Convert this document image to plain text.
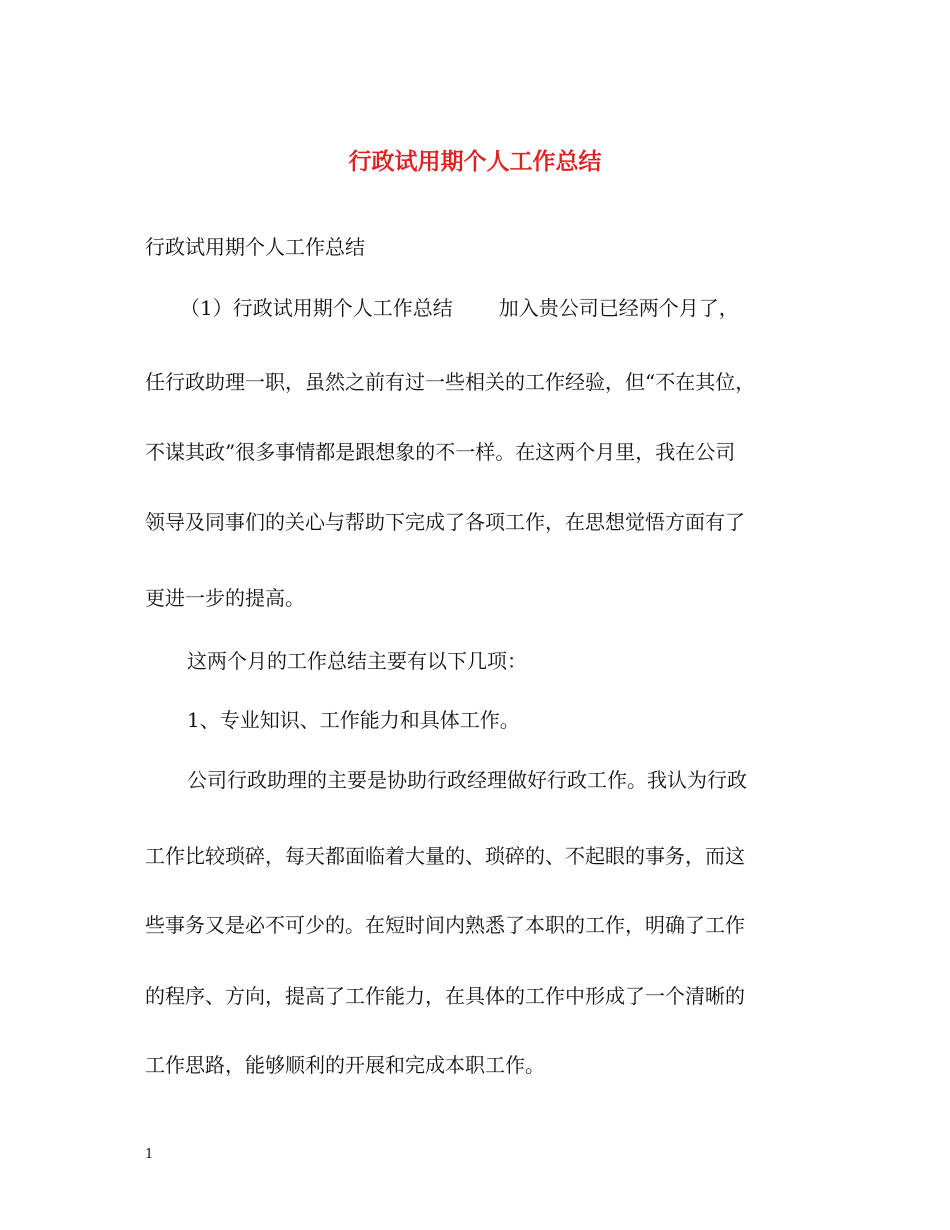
行政试用期个人工作总结
行政试用期个人工作总结
（1）行政试用期个人工作总结 加入贵公司已经两个月了，
任行政助理一职，虽然之前有过一些相关的工作经验，但“不在其位，
不谋其政”很多事情都是跟想象的不一样。在这两个月里，我在公司
领导及同事们的关心与帮助下完成了各项工作，在思想觉悟方面有了
更进一步的提高。
这两个月的工作总结主要有以下几项：
1、专业知识、工作能力和具体工作。
公司行政助理的主要是协助行政经理做好行政工作。我认为行政
工作比较琐碎，每天都面临着大量的、琐碎的、不起眼的事务，而这
些事务又是必不可少的。在短时间内熟悉了本职的工作，明确了工作
的程序、方向，提高了工作能力，在具体的工作中形成了一个清晰的
工作思路，能够顺利的开展和完成本职工作。
1
